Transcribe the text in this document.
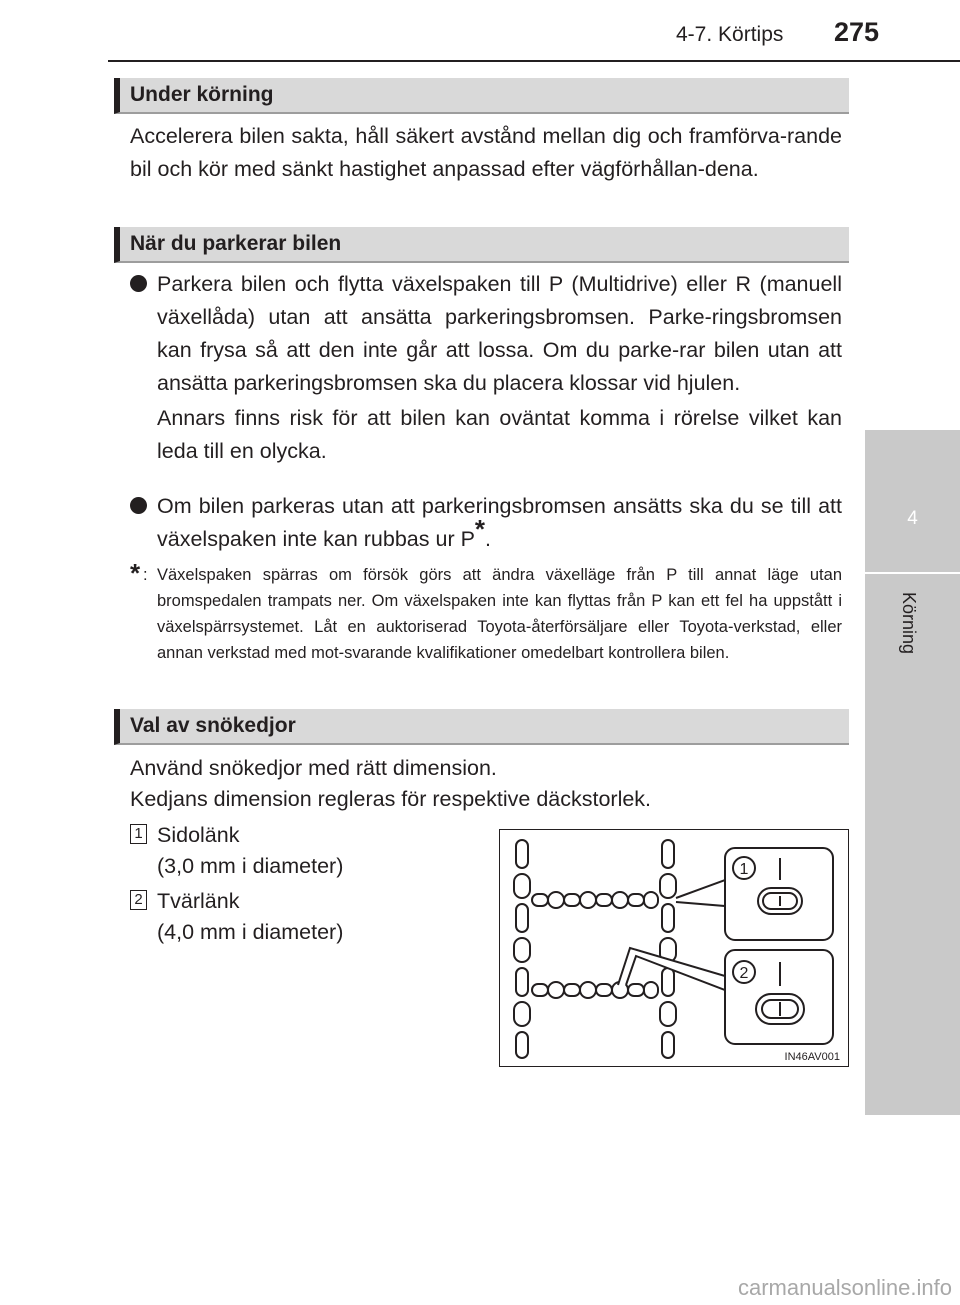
4-7. Körtips 275
4
Körning
Under körning

Accelerera bilen sakta, håll säkert avstånd mellan dig och framförva-rande bil och kör med sänkt hastighet anpassad efter vägförhållan-dena.

När du parkerar bilen

Parkera bilen och flytta växelspaken till P (Multidrive) eller R (manuell växellåda) utan att ansätta parkeringsbromsen. Parke-ringsbromsen kan frysa så att den inte går att lossa. Om du parke-rar bilen utan att ansätta parkeringsbromsen ska du placera klossar vid hjulen.

Annars finns risk för att bilen kan oväntat komma i rörelse vilket kan leda till en olycka.

Om bilen parkeras utan att parkeringsbromsen ansätts ska du se till att växelspaken inte kan rubbas ur P*.

* : Växelspaken spärras om försök görs att ändra växelläge från P till annat läge utan bromspedalen trampats ner. Om växelspaken inte kan flyttas från P kan ett fel ha uppstått i växelspärrsystemet. Låt en auktoriserad Toyota-återförsäljare eller Toyota-verkstad, eller annan verkstad med mot-svarande kvalifikationer omedelbart kontrollera bilen.
Val av snökedjor

Använd snökedjor med rätt dimension.

Kedjans dimension regleras för respektive däckstorlek.

1 Sidolänk
(3,0 mm i diameter)
2 Tvärlänk
(4,0 mm i diameter)
1
2
IN46AV001
carmanualsonline.info
